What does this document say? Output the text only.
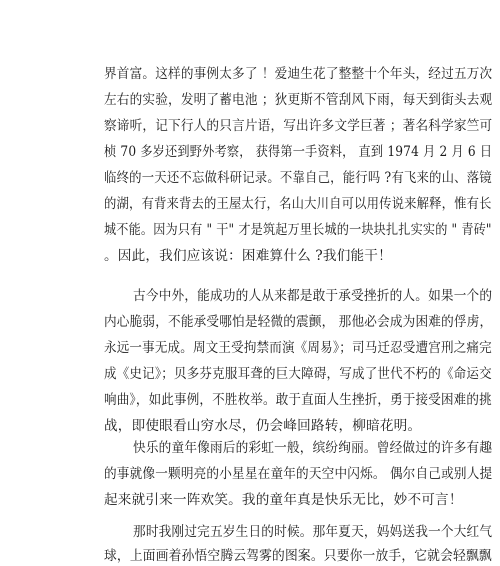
界首富。这样的事例太多了 ！爱迪生花了整整十个年头，经过五万次
左右的实验，发明了蓄电池 ；狄更斯不管刮风下雨，每天到街头去观
察谛听，记下行人的只言片语，写出许多文学巨著 ；著名科学家竺可
桢 70 多岁还到野外考察， 获得第一手资料， 直到 1974 月 2 月 6 日
临终的一天还不忘做科研记录。不靠自己，能行吗 ?有飞来的山、落镜
的湖，有背来背去的王屋太行，名山大川自可以用传说来解释，惟有长
城不能。因为只有 " 干" 才是筑起万里长城的一块块扎扎实实的 " 青砖"
。因此，我们应该说：困难算什么 ?我们能干！
古今中外，能成功的人从来都是敢于承受挫折的人。如果一个的
内心脆弱，不能承受哪怕是轻微的震颤， 那他必会成为困难的俘虏，
永远一事无成。周文王受拘禁而演《周易》；司马迁忍受遭宫刑之痛完
成《史记》；贝多芬克服耳聋的巨大障碍，写成了世代不朽的《命运交
响曲》，如此事例，不胜枚举。敢于直面人生挫折，勇于接受困难的挑
战，即使眼看山穷水尽，仍会峰回路转，柳暗花明。
快乐的童年像雨后的彩虹一般，缤纷绚丽。曾经做过的许多有趣
的事就像一颗明亮的小星星在童年的天空中闪烁。 偶尔自己或别人提
起来就引来一阵欢笑。我的童年真是快乐无比，妙不可言！
那时我刚过完五岁生日的时候。那年夏天，妈妈送我一个大红气
球，上面画着孙悟空腾云驾雾的图案。只要你一放手，它就会轻飘飘
